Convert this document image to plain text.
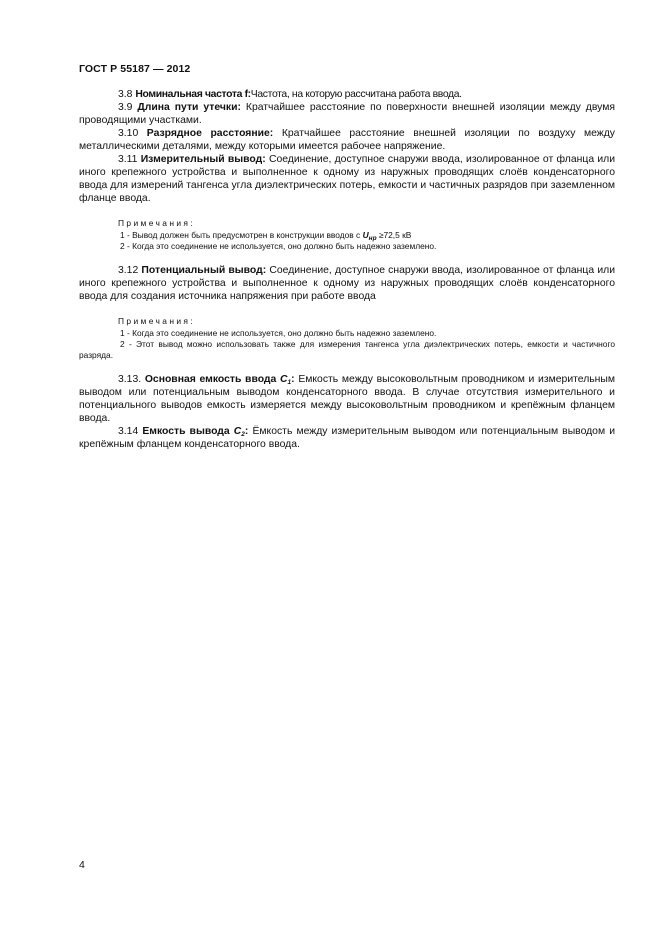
ГОСТ Р 55187 — 2012

3.8 Номинальная частота f:Частота, на которую рассчитана работа ввода.

3.9 Длина пути утечки: Кратчайшее расстояние по поверхности внешней изоляции между двумя проводящими участками.

3.10 Разрядное расстояние: Кратчайшее расстояние внешней изоляции по воздуху между металлическими деталями, между которыми имеется рабочее напряжение.

3.11 Измерительный вывод: Соединение, доступное снаружи ввода, изолированное от фланца или иного крепежного устройства и выполненное к одному из наружных проводящих слоёв конденсаторного ввода для измерений тангенса угла диэлектрических потерь, емкости и частичных разрядов при заземленном фланце ввода.

Примечания:

1 - Вывод должен быть предусмотрен в конструкции вводов с $U_{нр} \ge 72,5$ кВ

2 - Когда это соединение не используется, оно должно быть надежно заземлено.

3.12 Потенциальный вывод: Соединение, доступное снаружи ввода, изолированное от фланца или иного крепежного устройства и выполненное к одному из наружных проводящих слоёв конденсаторного ввода для создания источника напряжения при работе ввода

Примечания:

1 - Когда это соединение не используется, оно должно быть надежно заземлено.

2 - Этот вывод можно использовать также для измерения тангенса угла диэлектрических потерь, емкости и частичного разряда.

3.13. Основная емкость ввода $C_1$: Емкость между высоковольтным проводником и измерительным выводом или потенциальным выводом конденсаторного ввода. В случае отсутствия измерительного и потенциального выводов емкость измеряется между высоковольтным проводником и крепёжным фланцем ввода.

3.14 Емкость вывода $C_2$: Ёмкость между измерительным выводом или потенциальным выводом и крепёжным фланцем конденсаторного ввода.

4
